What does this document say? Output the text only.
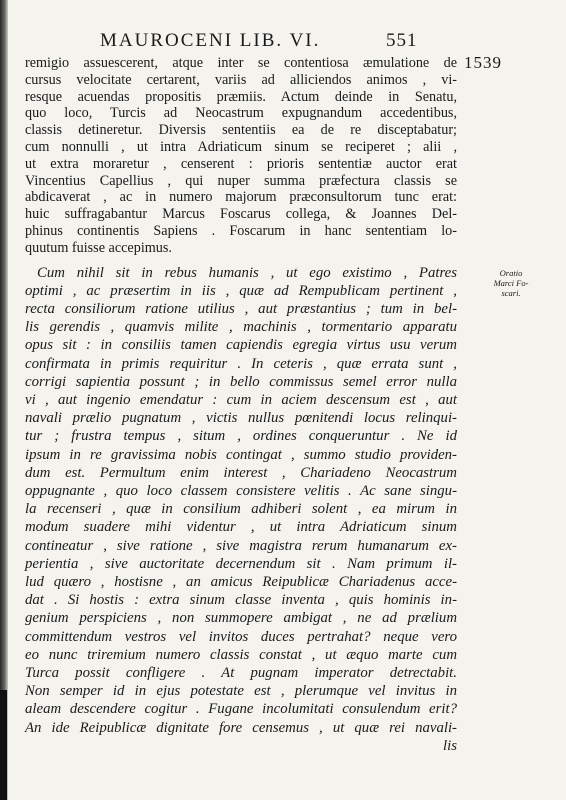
MAUROCENI LIB. VI.	551
1539
Oratio
Marci Fo-
scari.
remigio assuescerent, atque inter se contentiosa æmulatione de
cursus velocitate certarent, variis ad alliciendos animos , vi-
resque acuendas propositis præmiis. Actum deinde in Senatu,
quo loco, Turcis ad Neocastrum expugnandum accedentibus,
classis detineretur. Diversis sententiis ea de re disceptabatur;
cum nonnulli , ut intra Adriaticum sinum se reciperet ; alii ,
ut extra moraretur , censerent : prioris sententiæ auctor erat
Vincentius Capellius , qui nuper summa præfectura classis se
abdicaverat , ac in numero majorum præconsultorum tunc erat:
huic suffragabantur Marcus Foscarus collega, & Joannes Del-
phinus continentis Sapiens . Foscarum in hanc sententiam lo-
quutum fuisse accepimus.
Cum nihil sit in rebus humanis , ut ego existimo , Patres
optimi , ac præsertim in iis , quæ ad Rempublicam pertinent ,
recta consiliorum ratione utilius , aut præstantius ; tum in bel-
lis gerendis , quamvis milite , machinis , tormentario apparatu
opus sit : in consiliis tamen capiendis egregia virtus usu verum
confirmata in primis requiritur . In ceteris , quæ errata sunt ,
corrigi sapientia possunt ; in bello commissus semel error nulla
vi , aut ingenio emendatur : cum in aciem descensum est , aut
navali prælio pugnatum , victis nullus pœnitendi locus relinqui-
tur ; frustra tempus , situm , ordines conqueruntur . Ne id
ipsum in re gravissima nobis contingat , summo studio providen-
dum est. Permultum enim interest , Chariadeno Neocastrum
oppugnante , quo loco classem consistere velitis . Ac sane singu-
la recenseri , quæ in consilium adhiberi solent , ea mirum in
modum suadere mihi videntur , ut intra Adriaticum sinum
contineatur , sive ratione , sive magistra rerum humanarum ex-
perientia , sive auctoritate decernendum sit . Nam primum il-
lud quæro , hostisne , an amicus Reipublicæ Chariadenus acce-
dat . Si hostis : extra sinum classe inventa , quis hominis in-
genium perspiciens , non summopere ambigat , ne ad prælium
committendum vestros vel invitos duces pertrahat? neque vero
eo nunc triremium numero classis constat , ut æquo marte cum
Turca possit confligere . At pugnam imperator detrectabit.
Non semper id in ejus potestate est , plerumque vel invitus in
aleam descendere cogitur . Fugane incolumitati consulendum erit?
An ide Reipublicæ dignitate fore censemus , ut quæ rei navali-
lis
